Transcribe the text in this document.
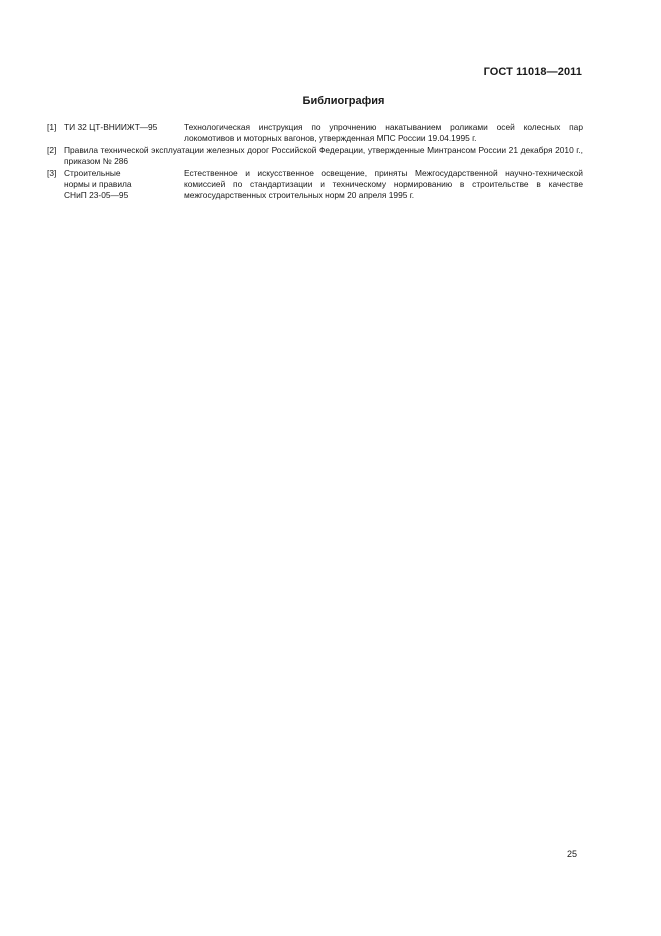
ГОСТ 11018—2011
Библиография
[1] ТИ 32 ЦТ-ВНИИЖТ—95	Технологическая инструкция по упрочнению накатыванием роликами осей колесных пар локомотивов и моторных вагонов, утвержденная МПС России 19.04.1995 г.
[2] Правила технической эксплуатации железных дорог Российской Федерации, утвержденные Минтрансом России 21 декабря 2010 г., приказом № 286
[3] Строительные
нормы и правила
СНиП 23-05—95
Естественное и искусственное освещение, приняты Межгосударственной научно-технической комиссией по стандартизации и техническому нормированию в строительстве в качестве межгосударственных строительных норм 20 апреля 1995 г.
25
